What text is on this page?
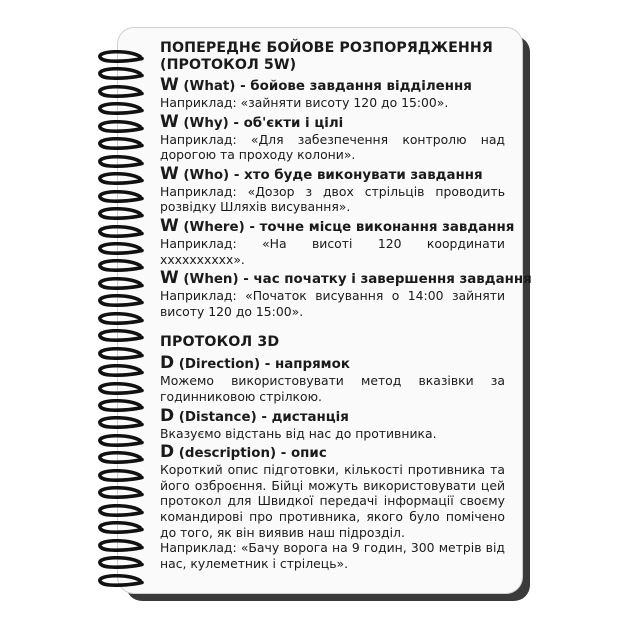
ПОПЕРЕДНЄ БОЙОВЕ РОЗПОРЯДЖЕННЯ (ПРОТОКОЛ 5W)
W (What) - бойове завдання відділення
Наприклад: «зайняти висоту 120 до 15:00».
W (Why) - об'єкти і цілі
Наприклад: «Для забезпечення контролю над дорогою та проходу колони».
W (Who) - хто буде виконувати завдання
Наприклад: «Дозор з двох стрільців проводить розвідку Шляхів висування».
W (Where) - точне місце виконання завдання
Наприклад: «На висоті 120 координати xxxxxxxxxx».
W (When) - час початку і завершення завдання
Наприклад: «Початок висування о 14:00 зайняти висоту 120 до 15:00».
ПРОТОКОЛ 3D
D (Direction) - напрямок
Можемо використовувати метод вказівки за годинниковою стрілкою.
D (Distance) - дистанція
Вказуємо відстань від нас до противника.
D (description) - опис
Короткий опис підготовки, кількості противника та його озброєння. Бійці можуть використовувати цей протокол для Швидкої передачі інформації своєму командирові про противника, якого було помічено до того, як він виявив наш підрозділ.
Наприклад: «Бачу ворога на 9 годин, 300 метрів від нас, кулеметник і стрілець».
